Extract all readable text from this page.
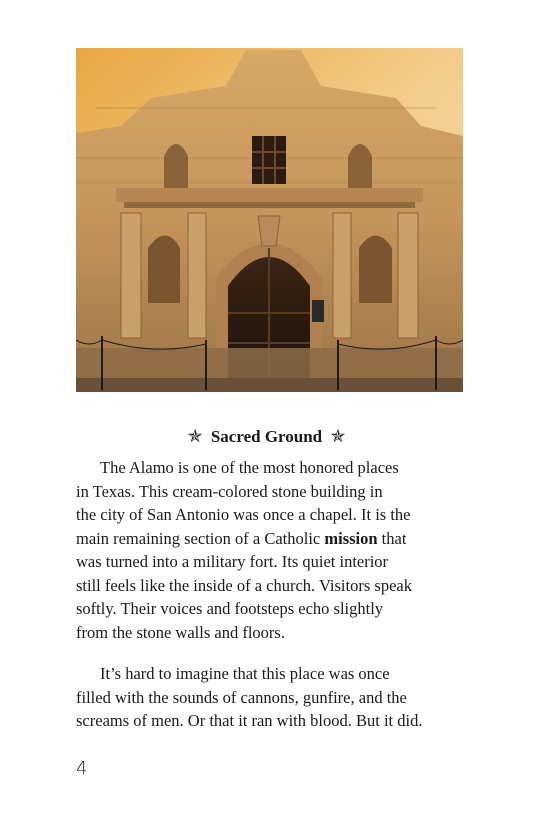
✯ Sacred Ground ✯

The Alamo is one of the most honored places
in Texas. This cream-colored stone building in
the city of San Antonio was once a chapel. It is the
main remaining section of a Catholic mission that
was turned into a military fort. Its quiet interior
still feels like the inside of a church. Visitors speak
softly. Their voices and footsteps echo slightly
from the stone walls and floors.

It’s hard to imagine that this place was once
filled with the sounds of cannons, gunfire, and the
screams of men. Or that it ran with blood. But it did.

4
